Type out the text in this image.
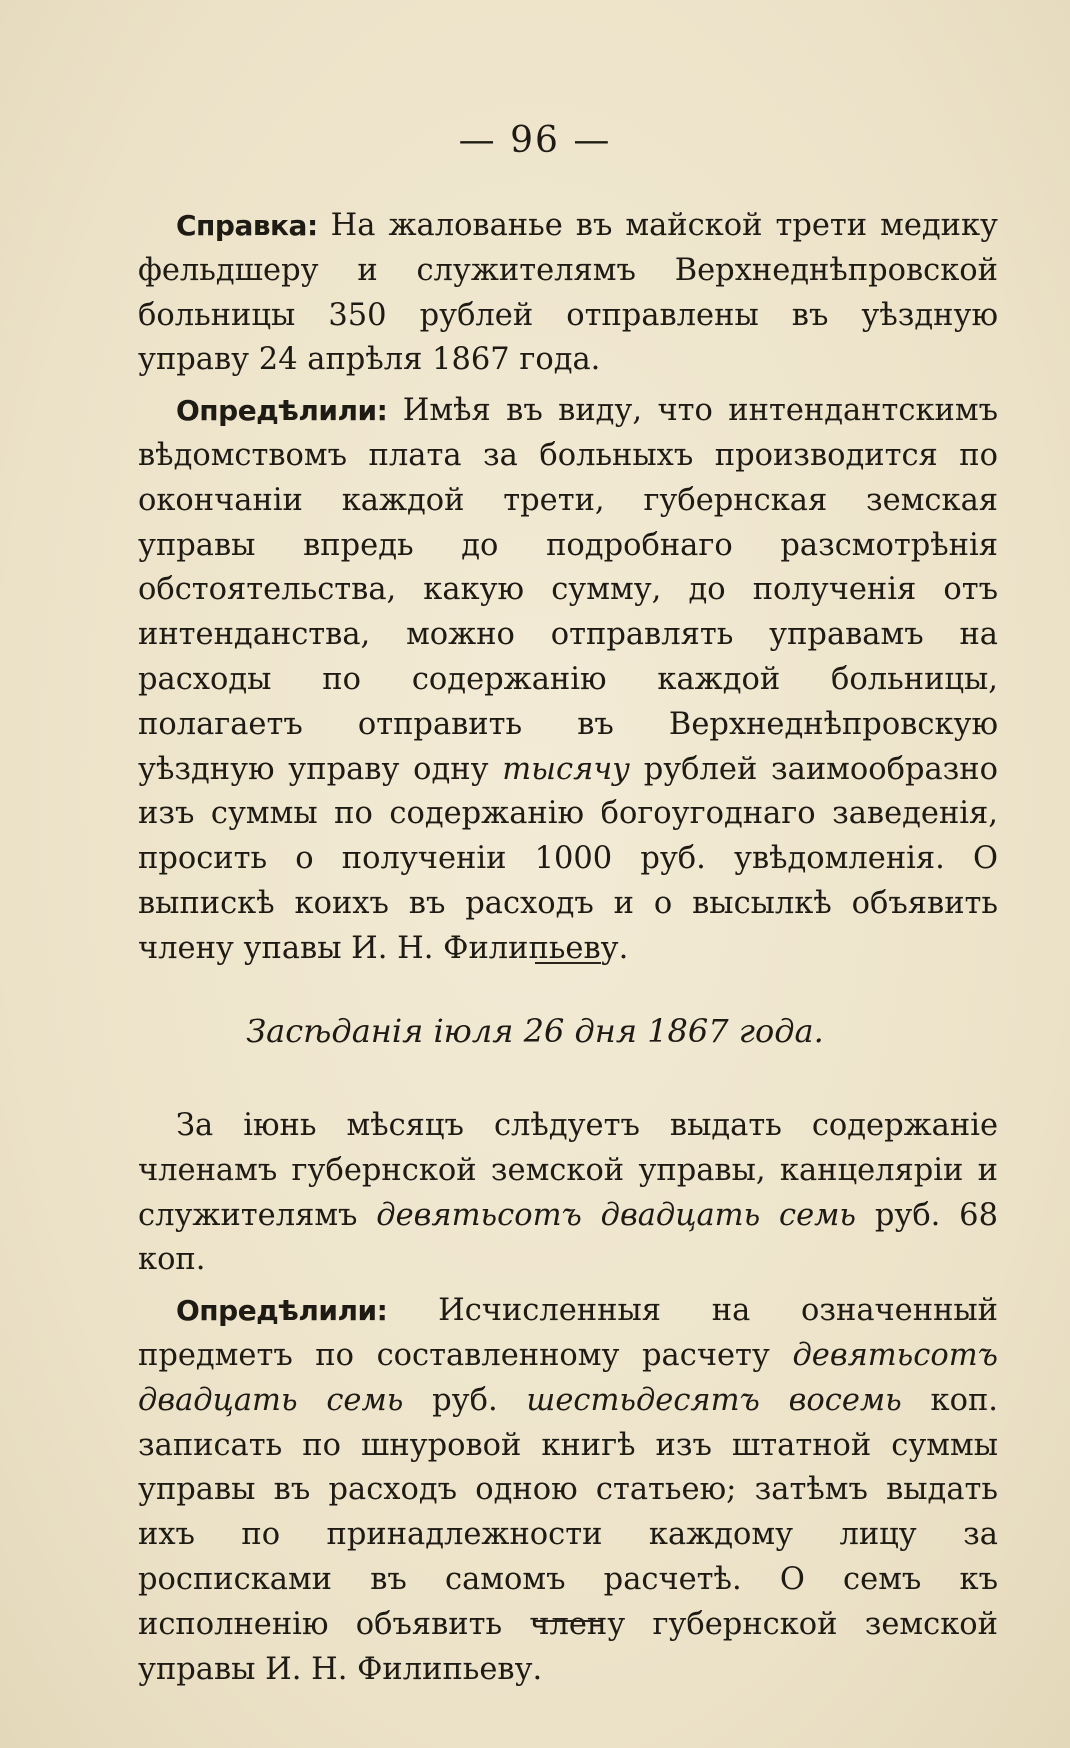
— 96 —

Справка: На жалованье въ майской трети медику фельдшеру и служителямъ Верхнеднѣпровской больницы 350 рублей отправлены въ уѣздную управу 24 апрѣля 1867 года.

Опредѣлили: Имѣя въ виду, что интендантскимъ вѣдомствомъ плата за больныхъ производится по окончаніи каждой трети, губернская земская управы впредь до подробнаго разсмотрѣнія обстоятельства, какую сумму, до полученія отъ интенданства, можно отправлять управамъ на расходы по содержанію каждой больницы, полагаетъ отправить въ Верхнеднѣпровскую уѣздную управу одну тысячу рублей заимообразно изъ суммы по содержанію богоугоднаго заведенія, просить о полученіи 1000 руб. увѣдомленія. О выпискѣ коихъ въ расходъ и о высылкѣ объявить члену упавы И. Н. Филипьеву.

Засѣданія іюля 26 дня 1867 года.

За іюнь мѣсяцъ слѣдуетъ выдать содержаніе членамъ губернской земской управы, канцеляріи и служителямъ девятьсотъ двадцать семь руб. 68 коп.

Опредѣлили: Исчисленныя на означенный предметъ по составленному расчету девятьсотъ двадцать семь руб. шестьдесятъ восемь коп. записать по шнуровой книгѣ изъ штатной суммы управы въ расходъ одною статьею; затѣмъ выдать ихъ по принадлежности каждому лицу за росписками въ самомъ расчетѣ. О семъ къ исполненію объявить члену губернской земской управы И. Н. Филипьеву.
